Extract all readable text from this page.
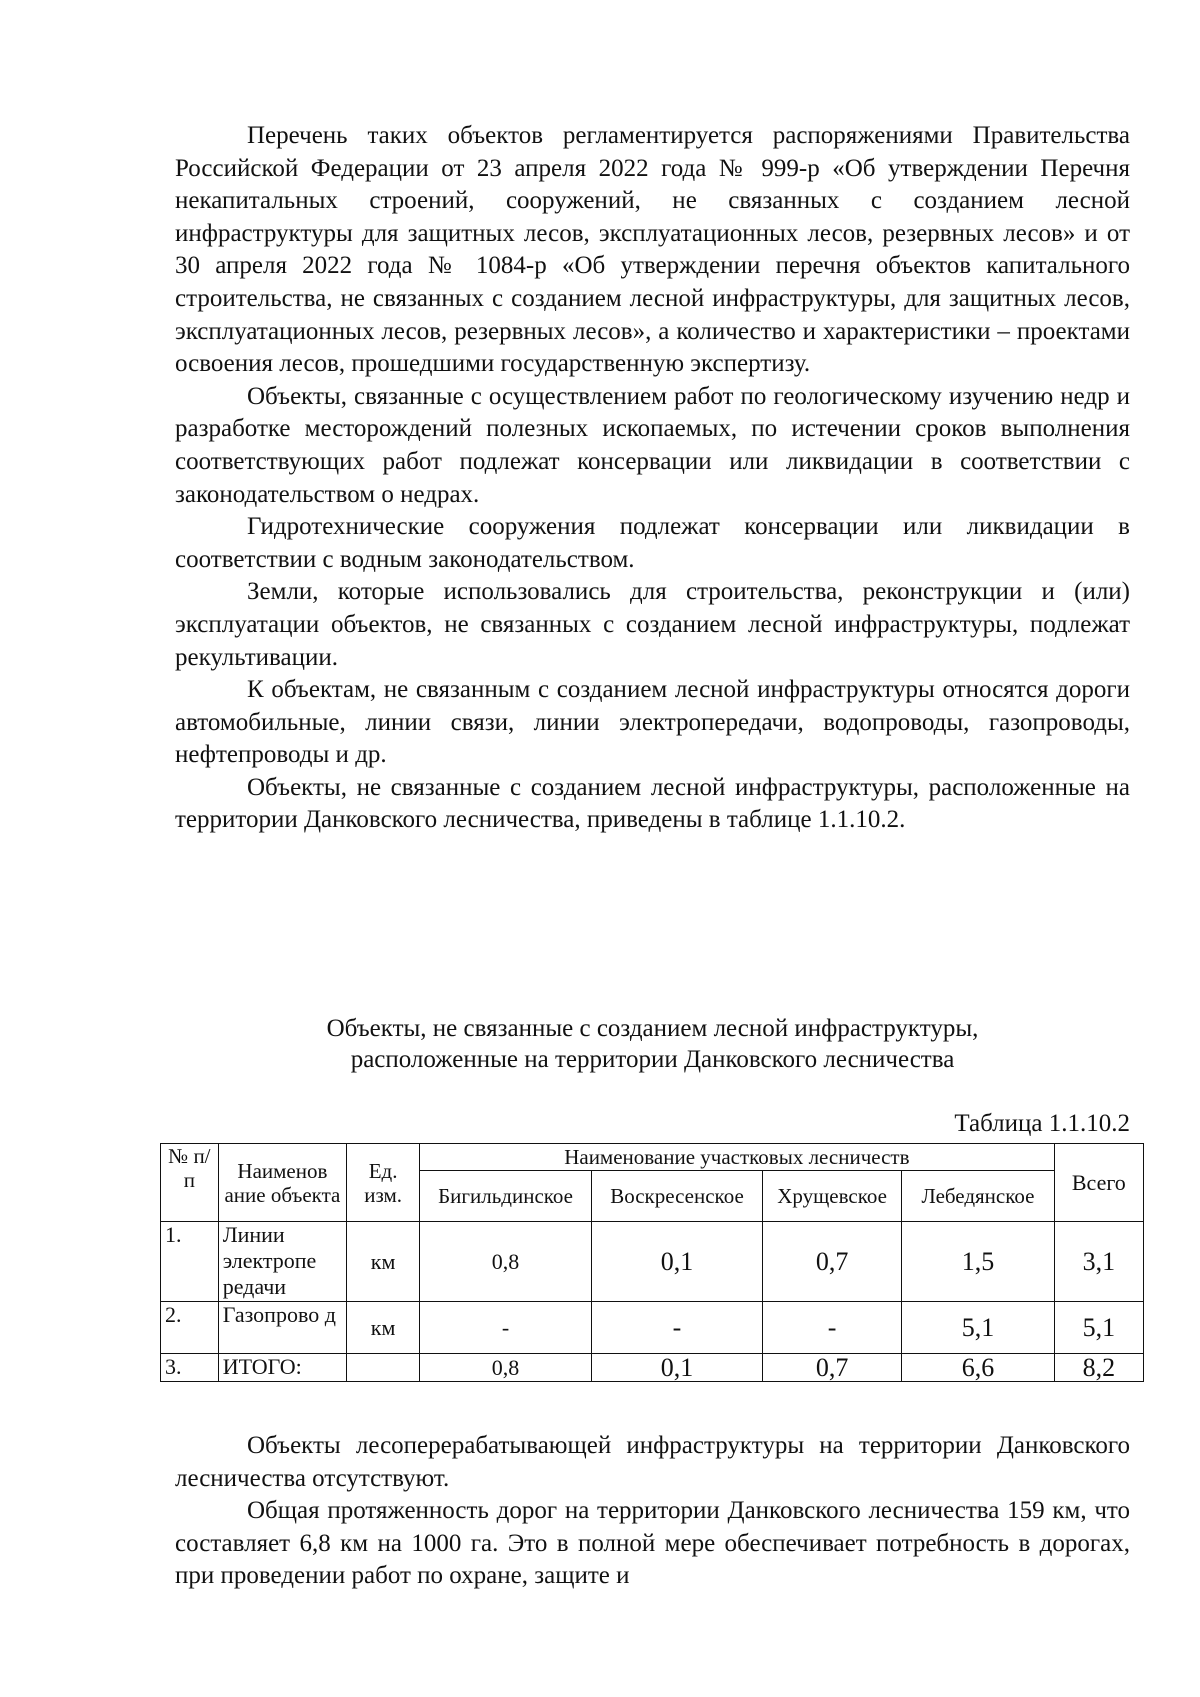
Перечень таких объектов регламентируется распоряжениями Правительства Российской Федерации от 23 апреля 2022 года № 999-р «Об утверждении Перечня некапитальных строений, сооружений, не связанных с созданием лесной инфраструктуры для защитных лесов, эксплуатационных лесов, резервных лесов» и от 30 апреля 2022 года № 1084-р «Об утверждении перечня объектов капитального строительства, не связанных с созданием лесной инфраструктуры, для защитных лесов, эксплуатационных лесов, резервных лесов», а количество и характеристики – проектами освоения лесов, прошедшими государственную экспертизу.

Объекты, связанные с осуществлением работ по геологическому изучению недр и разработке месторождений полезных ископаемых, по истечении сроков выполнения соответствующих работ подлежат консервации или ликвидации в соответствии с законодательством о недрах.

Гидротехнические сооружения подлежат консервации или ликвидации в соответствии с водным законодательством.

Земли, которые использовались для строительства, реконструкции и (или) эксплуатации объектов, не связанных с созданием лесной инфраструктуры, подлежат рекультивации.

К объектам, не связанным с созданием лесной инфраструктуры относятся дороги автомобильные, линии связи, линии электропередачи, водопроводы, газопроводы, нефтепроводы и др.

Объекты, не связанные с созданием лесной инфраструктуры, расположенные на территории Данковского лесничества, приведены в таблице 1.1.10.2.

Объекты, не связанные с созданием лесной инфраструктуры,
расположенные на территории Данковского лесничества
Таблица 1.1.10.2
№ п/п	Наименов ание объекта	Ед. изм.	Наименование участковых лесничеств				Всего
			Бигильдинское	Воскресенское	Хрущевское	Лебедянское	
1.	Линии электропе редачи	км	0,8	0,1	0,7	1,5	3,1
2.	Газопрово д	км	-	-	-	5,1	5,1
3.	ИТОГО:		0,8	0,1	0,7	6,6	8,2

Объекты лесоперерабатывающей инфраструктуры на территории Данковского лесничества отсутствуют.

Общая протяженность дорог на территории Данковского лесничества 159 км, что составляет 6,8 км на 1000 га. Это в полной мере обеспечивает потребность в дорогах, при проведении работ по охране, защите и
